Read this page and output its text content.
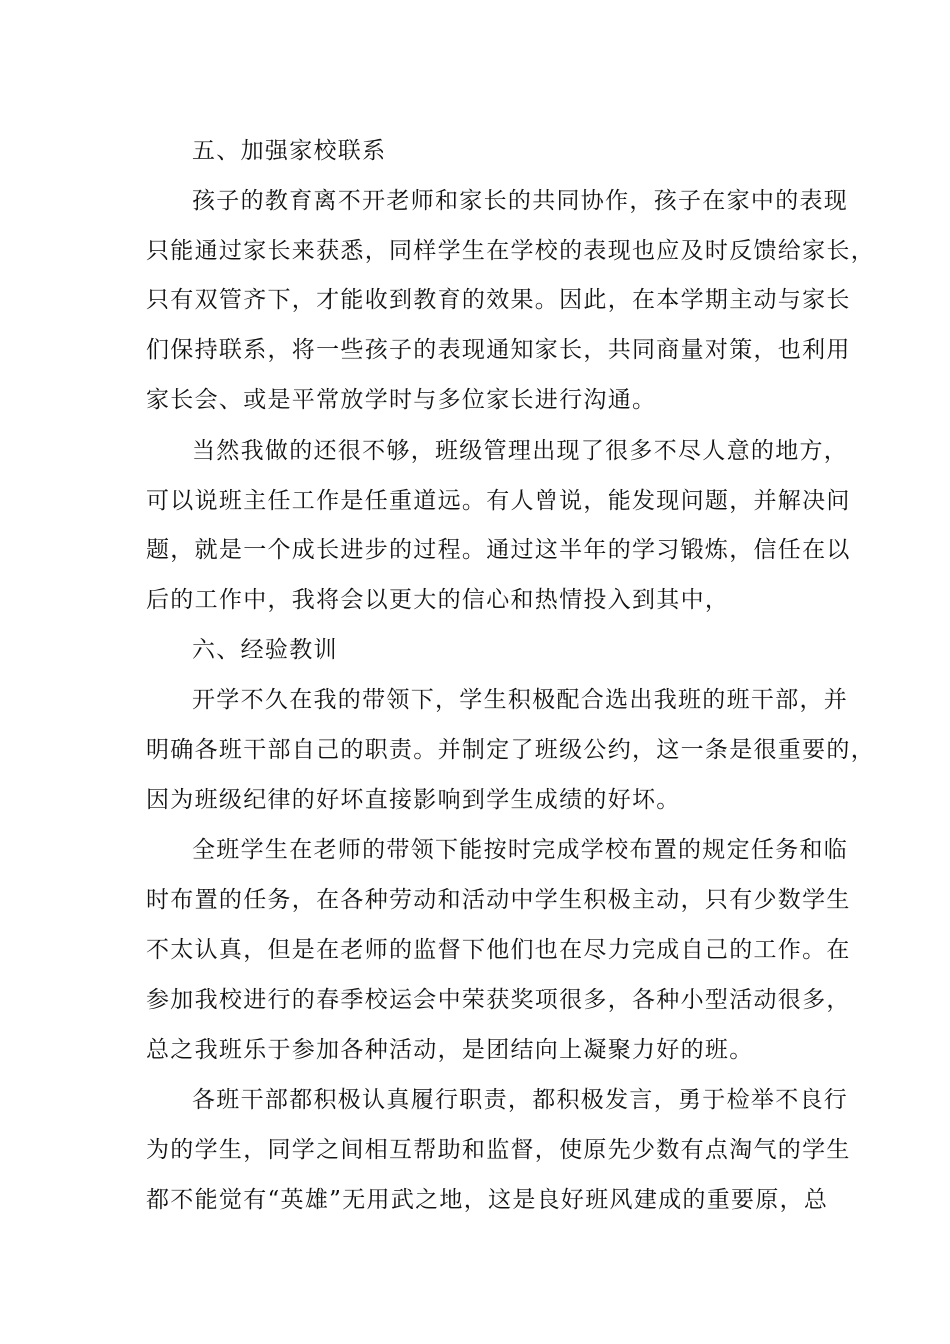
五、加强家校联系
孩子的教育离不开老师和家长的共同协作，孩子在家中的表现
只能通过家长来获悉，同样学生在学校的表现也应及时反馈给家长，
只有双管齐下，才能收到教育的效果。因此，在本学期主动与家长
们保持联系，将一些孩子的表现通知家长，共同商量对策，也利用
家长会、或是平常放学时与多位家长进行沟通。
当然我做的还很不够，班级管理出现了很多不尽人意的地方，
可以说班主任工作是任重道远。有人曾说，能发现问题，并解决问
题，就是一个成长进步的过程。通过这半年的学习锻炼，信任在以
后的工作中，我将会以更大的信心和热情投入到其中，
六、经验教训
开学不久在我的带领下，学生积极配合选出我班的班干部，并
明确各班干部自己的职责。并制定了班级公约，这一条是很重要的，
因为班级纪律的好坏直接影响到学生成绩的好坏。
全班学生在老师的带领下能按时完成学校布置的规定任务和临
时布置的任务，在各种劳动和活动中学生积极主动，只有少数学生
不太认真，但是在老师的监督下他们也在尽力完成自己的工作。在
参加我校进行的春季校运会中荣获奖项很多，各种小型活动很多，
总之我班乐于参加各种活动，是团结向上凝聚力好的班。
各班干部都积极认真履行职责，都积极发言，勇于检举不良行
为的学生，同学之间相互帮助和监督，使原先少数有点淘气的学生
都不能觉有“英雄”无用武之地，这是良好班风建成的重要原，总
